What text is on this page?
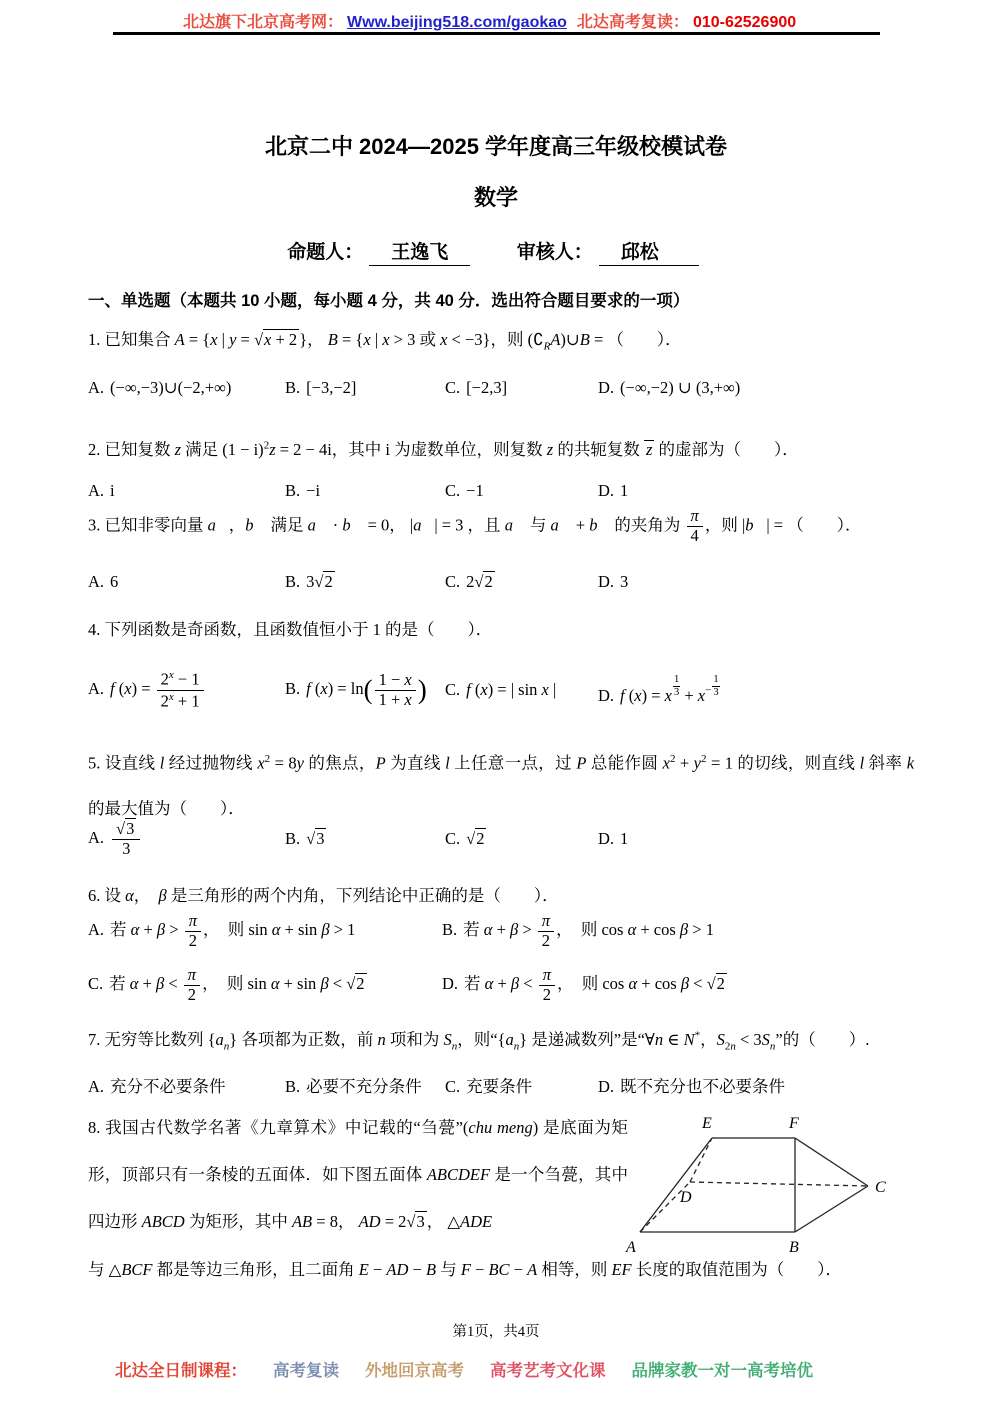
北达旗下北京高考网： Www.beijing518.com/gaokao 北达高考复读： 010-62526900
北京二中 2024—2025 学年度高三年级校模试卷
数学
命题人： 王逸飞	审核人： 邱松
一、单选题（本题共 10 小题，每小题 4 分，共 40 分．选出符合题目要求的一项）
1. 已知集合 A = {x | y = √x + 2 }， B = {x | x > 3 或 x < −3}，则 $(∁_RA)\cup B$ = （　　）．
A. (−∞,−3)∪(−2,+∞)	B. [−3,−2]	C. [−2,3]	D. (−∞,−2) ∪ (3,+∞)
2. 已知复数 z 满足 $(1 - i)^2z = 2 - 4i$，其中 i 为虚数单位，则复数 z 的共轭复数 z 的虚部为（　　）．
A. i	B. −i	C. −1	D. 1
3. 已知非零向量 a⃗，b⃗ 满足 a⃗ · b⃗ = 0， |a⃗| = 3 ，且 a⃗ 与 a⃗ + b⃗ 的夹角为 $\frac{\pi}{4}$ ，则 |b⃗| = （　　）．
A. 6	B. 3√2	C. 2√2	D. 3
4. 下列函数是奇函数，且函数值恒小于 1 的是（　　）．
A. f $(x) = \frac{2^x - 1}{2^x + 1}$	B. f $(x) = \ln( \frac{1 - x}{1 + x}$ )	C. f (x) = | sin x |	D. f (x) = x $\frac{1}{3} + x^- \frac{1}{3}$
5. 设直线 l 经过抛物线 $x^2 = 8y$ 的焦点，P 为直线 l 上任意一点，过 P 总能作圆 $x^2 + y^2 = 1$ 的切线，则直线 l 斜率 k 的最大值为（　　）．
A. $\frac{√3}{3}$	B. √3	C. √2	D. 1
6. 设 α，　β 是三角形的两个内角，下列结论中正确的是（　　）．
A. 若 $\alpha + \beta > \frac{\pi}{2}$ ，　则 sin α + sin β > 1	B. 若 $\alpha + \beta > \frac{\pi}{2}$ ，　则 cos α + cos β > 1
C. 若 $\alpha + \beta < \frac{\pi}{2}$ ，　则 sin α + sin β < √2	D. 若 $\alpha + \beta < \frac{\pi}{2}$ ，　则 cos α + cos β < √2
7. 无穷等比数列 $\{a_n\}$ 各项都为正数，前 n 项和为 $S_n$，则“$\{a_n\}$ 是递减数列”是“∀n ∈ N*，$S_{2n} < 3S_n$”的（　　）.
A. 充分不必要条件	B. 必要不充分条件	C. 充要条件	D. 既不充分也不必要条件
8. 我国古代数学名著《九章算术》中记载的“刍甍”(chu meng) 是底面为矩形，顶部只有一条棱的五面体．如下图五面体 ABCDEF 是一个刍甍，其中四边形 ABCD 为矩形，其中 AB = 8， AD = 2√3 ， △ADE
与 △BCF 都是等边三角形，且二面角 E − AD − B 与 F − BC − A 相等，则 EF 长度的取值范围为（　　）．
A	B
C
D
E	F
第1页，共4页
北达全日制课程： 高考复读 外地回京高考 高考艺考文化课 品牌家教一对一高考培优
